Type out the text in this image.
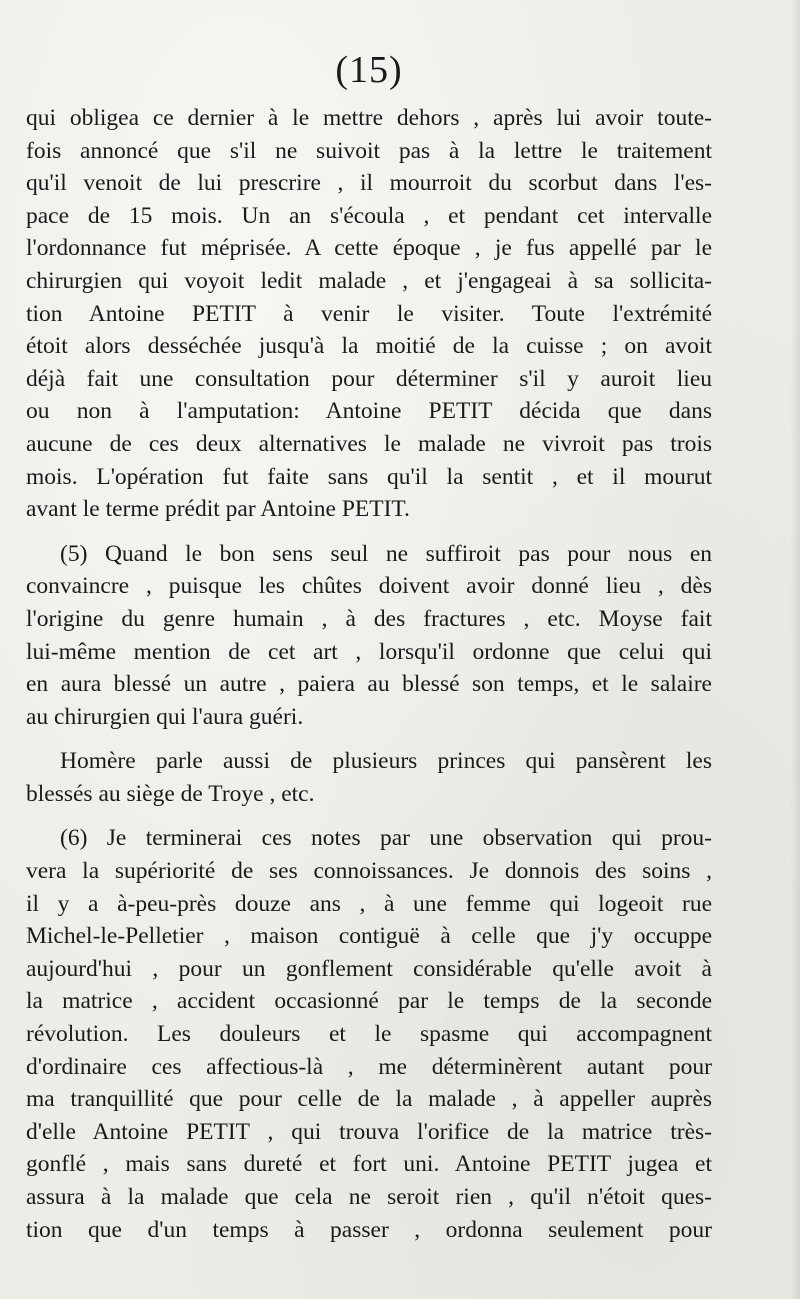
(15)
qui obligea ce dernier à le mettre dehors , après lui avoir toute-
fois annoncé que s'il ne suivoit pas à la lettre le traitement
qu'il venoit de lui prescrire , il mourroit du scorbut dans l'es-
pace de 15 mois. Un an s'écoula , et pendant cet intervalle
l'ordonnance fut méprisée. A cette époque , je fus appellé par le
chirurgien qui voyoit ledit malade , et j'engageai à sa sollicita-
tion Antoine PETIT à venir le visiter. Toute l'extrémité
étoit alors desséchée jusqu'à la moitié de la cuisse ; on avoit
déjà fait une consultation pour déterminer s'il y auroit lieu
ou non à l'amputation: Antoine PETIT décida que dans
aucune de ces deux alternatives le malade ne vivroit pas trois
mois. L'opération fut faite sans qu'il la sentit , et il mourut
avant le terme prédit par Antoine PETIT.
(5) Quand le bon sens seul ne suffiroit pas pour nous en
convaincre , puisque les chûtes doivent avoir donné lieu , dès
l'origine du genre humain , à des fractures , etc. Moyse fait
lui-même mention de cet art , lorsqu'il ordonne que celui qui
en aura blessé un autre , paiera au blessé son temps, et le salaire
au chirurgien qui l'aura guéri.
Homère parle aussi de plusieurs princes qui pansèrent les
blessés au siège de Troye , etc.
(6) Je terminerai ces notes par une observation qui prou-
vera la supériorité de ses connoissances. Je donnois des soins ,
il y a à-peu-près douze ans , à une femme qui logeoit rue
Michel-le-Pelletier , maison contiguë à celle que j'y occuppe
aujourd'hui , pour un gonflement considérable qu'elle avoit à
la matrice , accident occasionné par le temps de la seconde
révolution. Les douleurs et le spasme qui accompagnent
d'ordinaire ces affectious-là , me déterminèrent autant pour
ma tranquillité que pour celle de la malade , à appeller auprès
d'elle Antoine PETIT , qui trouva l'orifice de la matrice très-
gonflé , mais sans dureté et fort uni. Antoine PETIT jugea et
assura à la malade que cela ne seroit rien , qu'il n'étoit ques-
tion que d'un temps à passer , ordonna seulement pour
